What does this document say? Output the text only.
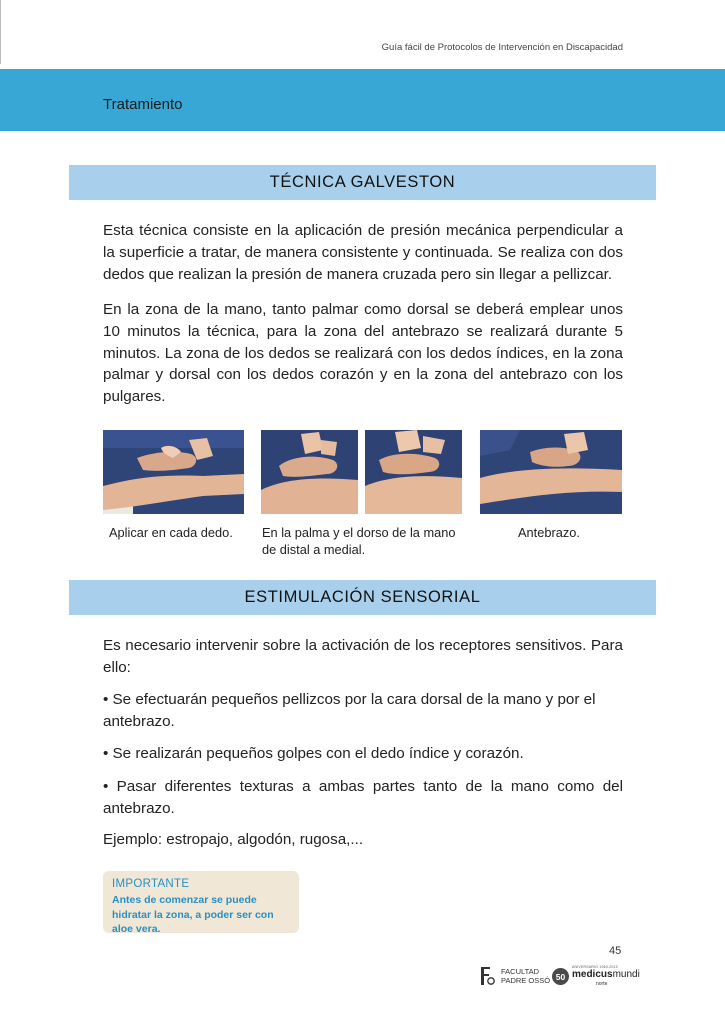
Guía fácil de Protocolos de Intervención en Discapacidad
Tratamiento
TÉCNICA GALVESTON

Esta técnica consiste en la aplicación de presión mecánica perpendicular a la superficie a tratar, de manera consistente y continuada. Se realiza con dos dedos que realizan la presión de manera cruzada pero sin llegar a pellizcar.

En la zona de la mano, tanto palmar como dorsal se deberá emplear unos 10 minutos la técnica, para la zona del antebrazo se realizará durante 5 minutos. La zona de los dedos se realizará con los dedos índices, en la zona palmar y dorsal con los dedos corazón y en la zona del antebrazo con los pulgares.

Aplicar en cada dedo.	En la palma y el dorso de la mano de distal a medial.
Antebrazo.
ESTIMULACIÓN SENSORIAL

Es necesario intervenir sobre la activación de los receptores sensitivos. Para ello:

• Se efectuarán pequeños pellizcos por la cara dorsal de la mano y por el antebrazo.

• Se realizarán pequeños golpes con el dedo índice y corazón.

• Pasar diferentes texturas a ambas partes tanto de la mano como del antebrazo.

Ejemplo: estropajo, algodón, rugosa,...

IMPORTANTE
Antes de comenzar se puede hidratar la zona, a poder ser con aloe vera.
45
FACULTAD
PADRE OSSÓ 50
ANIVERSARIO 1963-2013
medicusmundi
norte
